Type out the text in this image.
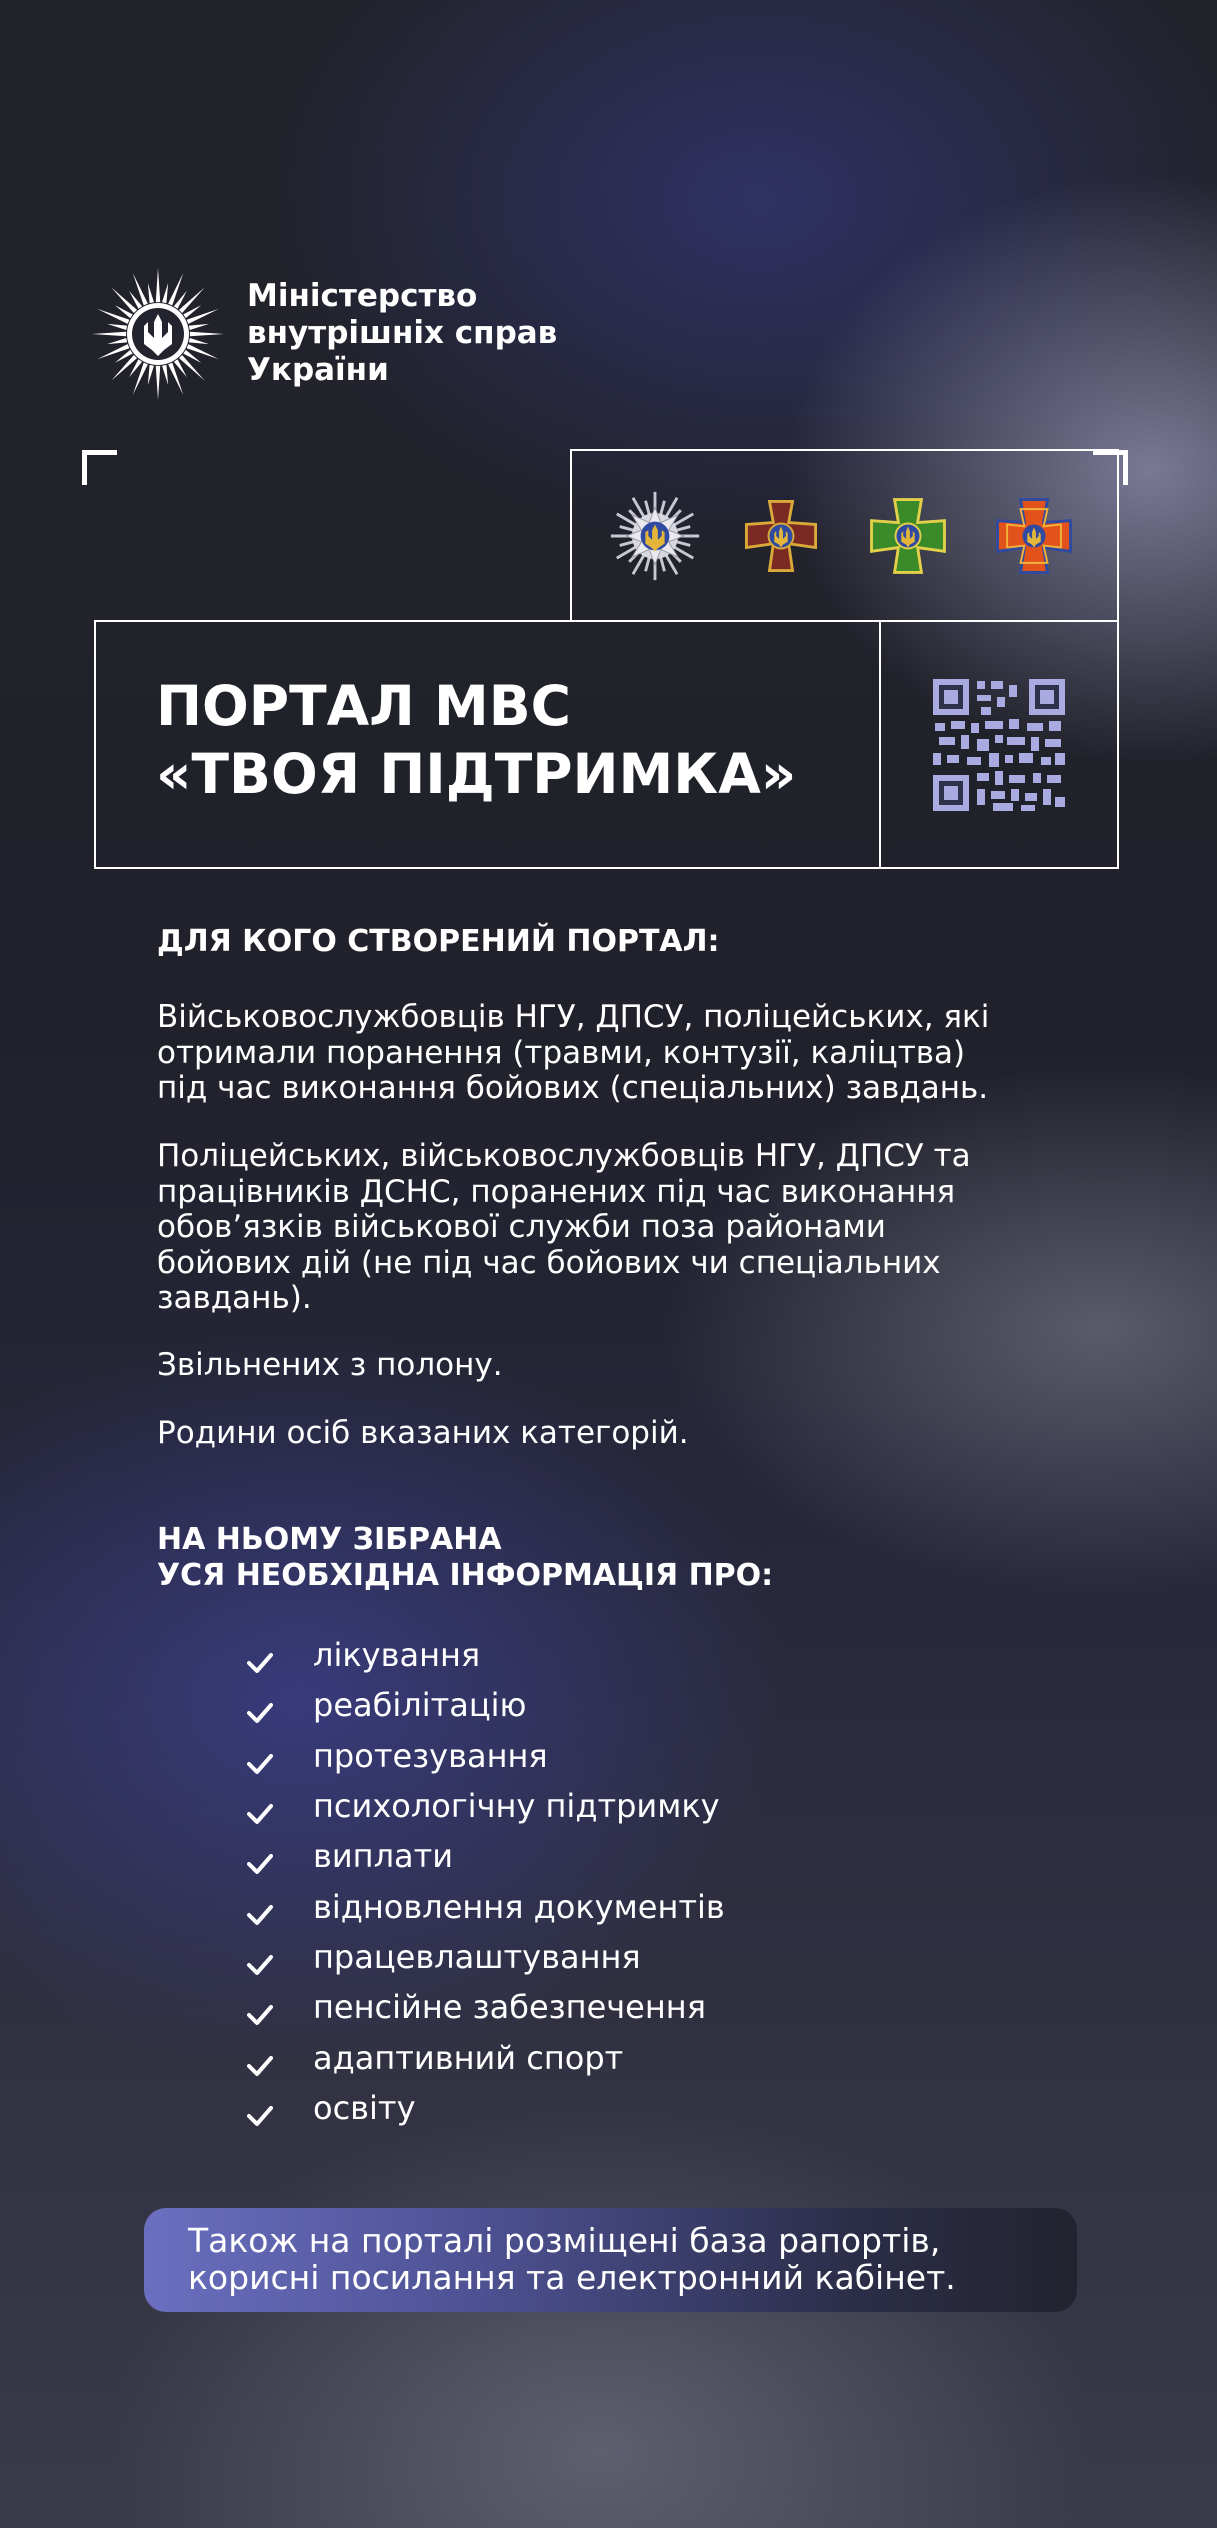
Міністерство
внутрішніх справ
України
ПОРТАЛ МВС
«ТВОЯ ПІДТРИМКА»
ДЛЯ КОГО СТВОРЕНИЙ ПОРТАЛ:
Військовослужбовців НГУ, ДПСУ, поліцейських, які
отримали поранення (травми, контузії, каліцтва)
під час виконання бойових (спеціальних) завдань.
Поліцейських, військовослужбовців НГУ, ДПСУ та
працівників ДСНС, поранених під час виконання
обов’язків військової служби поза районами
бойових дій (не під час бойових чи спеціальних
завдань).
Звільнених з полону.
Родини осіб вказаних категорій.
НА НЬОМУ ЗІБРАНА
УСЯ НЕОБХІДНА ІНФОРМАЦІЯ ПРО:
лікування
реабілітацію
протезування
психологічну підтримку
виплати
відновлення документів
працевлаштування
пенсійне забезпечення
адаптивний спорт
освіту
Також на порталі розміщені база рапортів,
корисні посилання та електронний кабінет.
